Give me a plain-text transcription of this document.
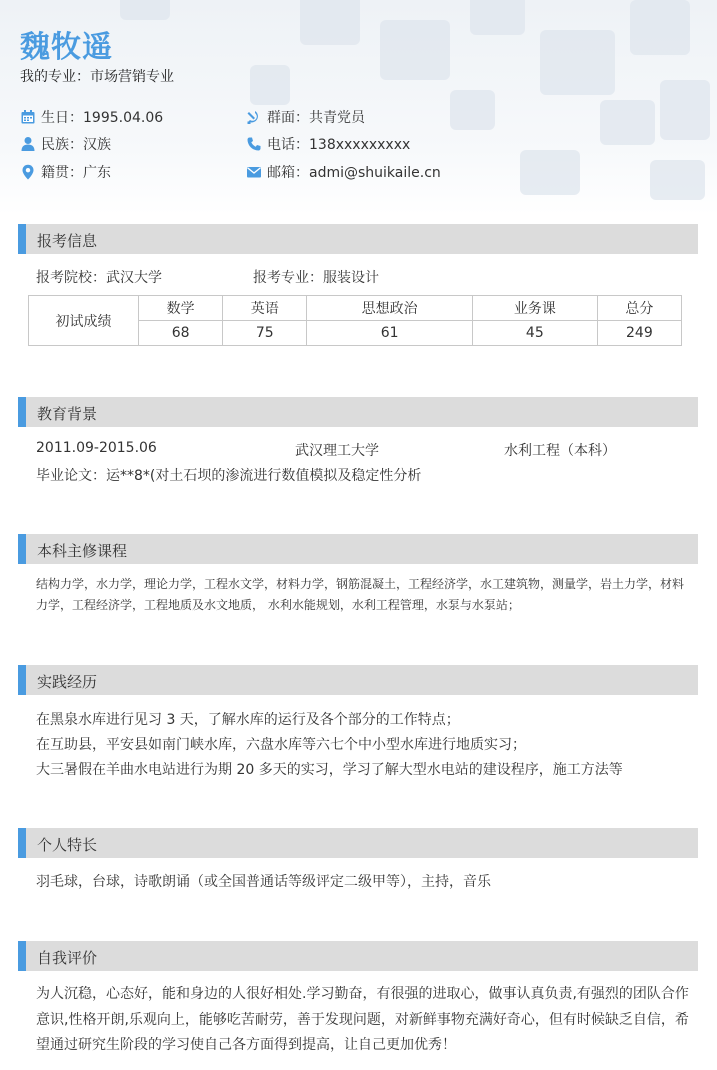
魏牧遥
我的专业：市场营销专业
生日：1995.04.06	群面：共青党员
民族：汉族	电话：138xxxxxxxxx
籍贯：广东	邮箱：admi@shuikaile.cn
报考信息
报考院校：武汉大学	报考专业：服装设计
初试成绩	数学	英语	思想政治	业务课	总分
	68	75	61	45	249
教育背景
2011.09-2015.06	武汉理工大学	水利工程（本科）
毕业论文：运**8*(对土石坝的渗流进行数值模拟及稳定性分析
本科主修课程
结构力学，水力学，理论力学，工程水文学，材料力学，钢筋混凝土，工程经济学，水工建筑物，测量学，岩土力学，材料
力学，工程经济学，工程地质及水文地质， 水利水能规划，水利工程管理，水泵与水泵站；
实践经历
在黑泉水库进行见习 3 天，了解水库的运行及各个部分的工作特点；
在互助县，平安县如南门峡水库，六盘水库等六七个中小型水库进行地质实习；
大三暑假在羊曲水电站进行为期 20 多天的实习，学习了解大型水电站的建设程序，施工方法等
个人特长
羽毛球，台球，诗歌朗诵（或全国普通话等级评定二级甲等），主持，音乐
自我评价
为人沉稳，心态好，能和身边的人很好相处.学习勤奋，有很强的进取心，做事认真负责,有强烈的团队合作
意识,性格开朗,乐观向上，能够吃苦耐劳，善于发现问题，对新鲜事物充满好奇心，但有时候缺乏自信，希
望通过研究生阶段的学习使自己各方面得到提高，让自己更加优秀！
